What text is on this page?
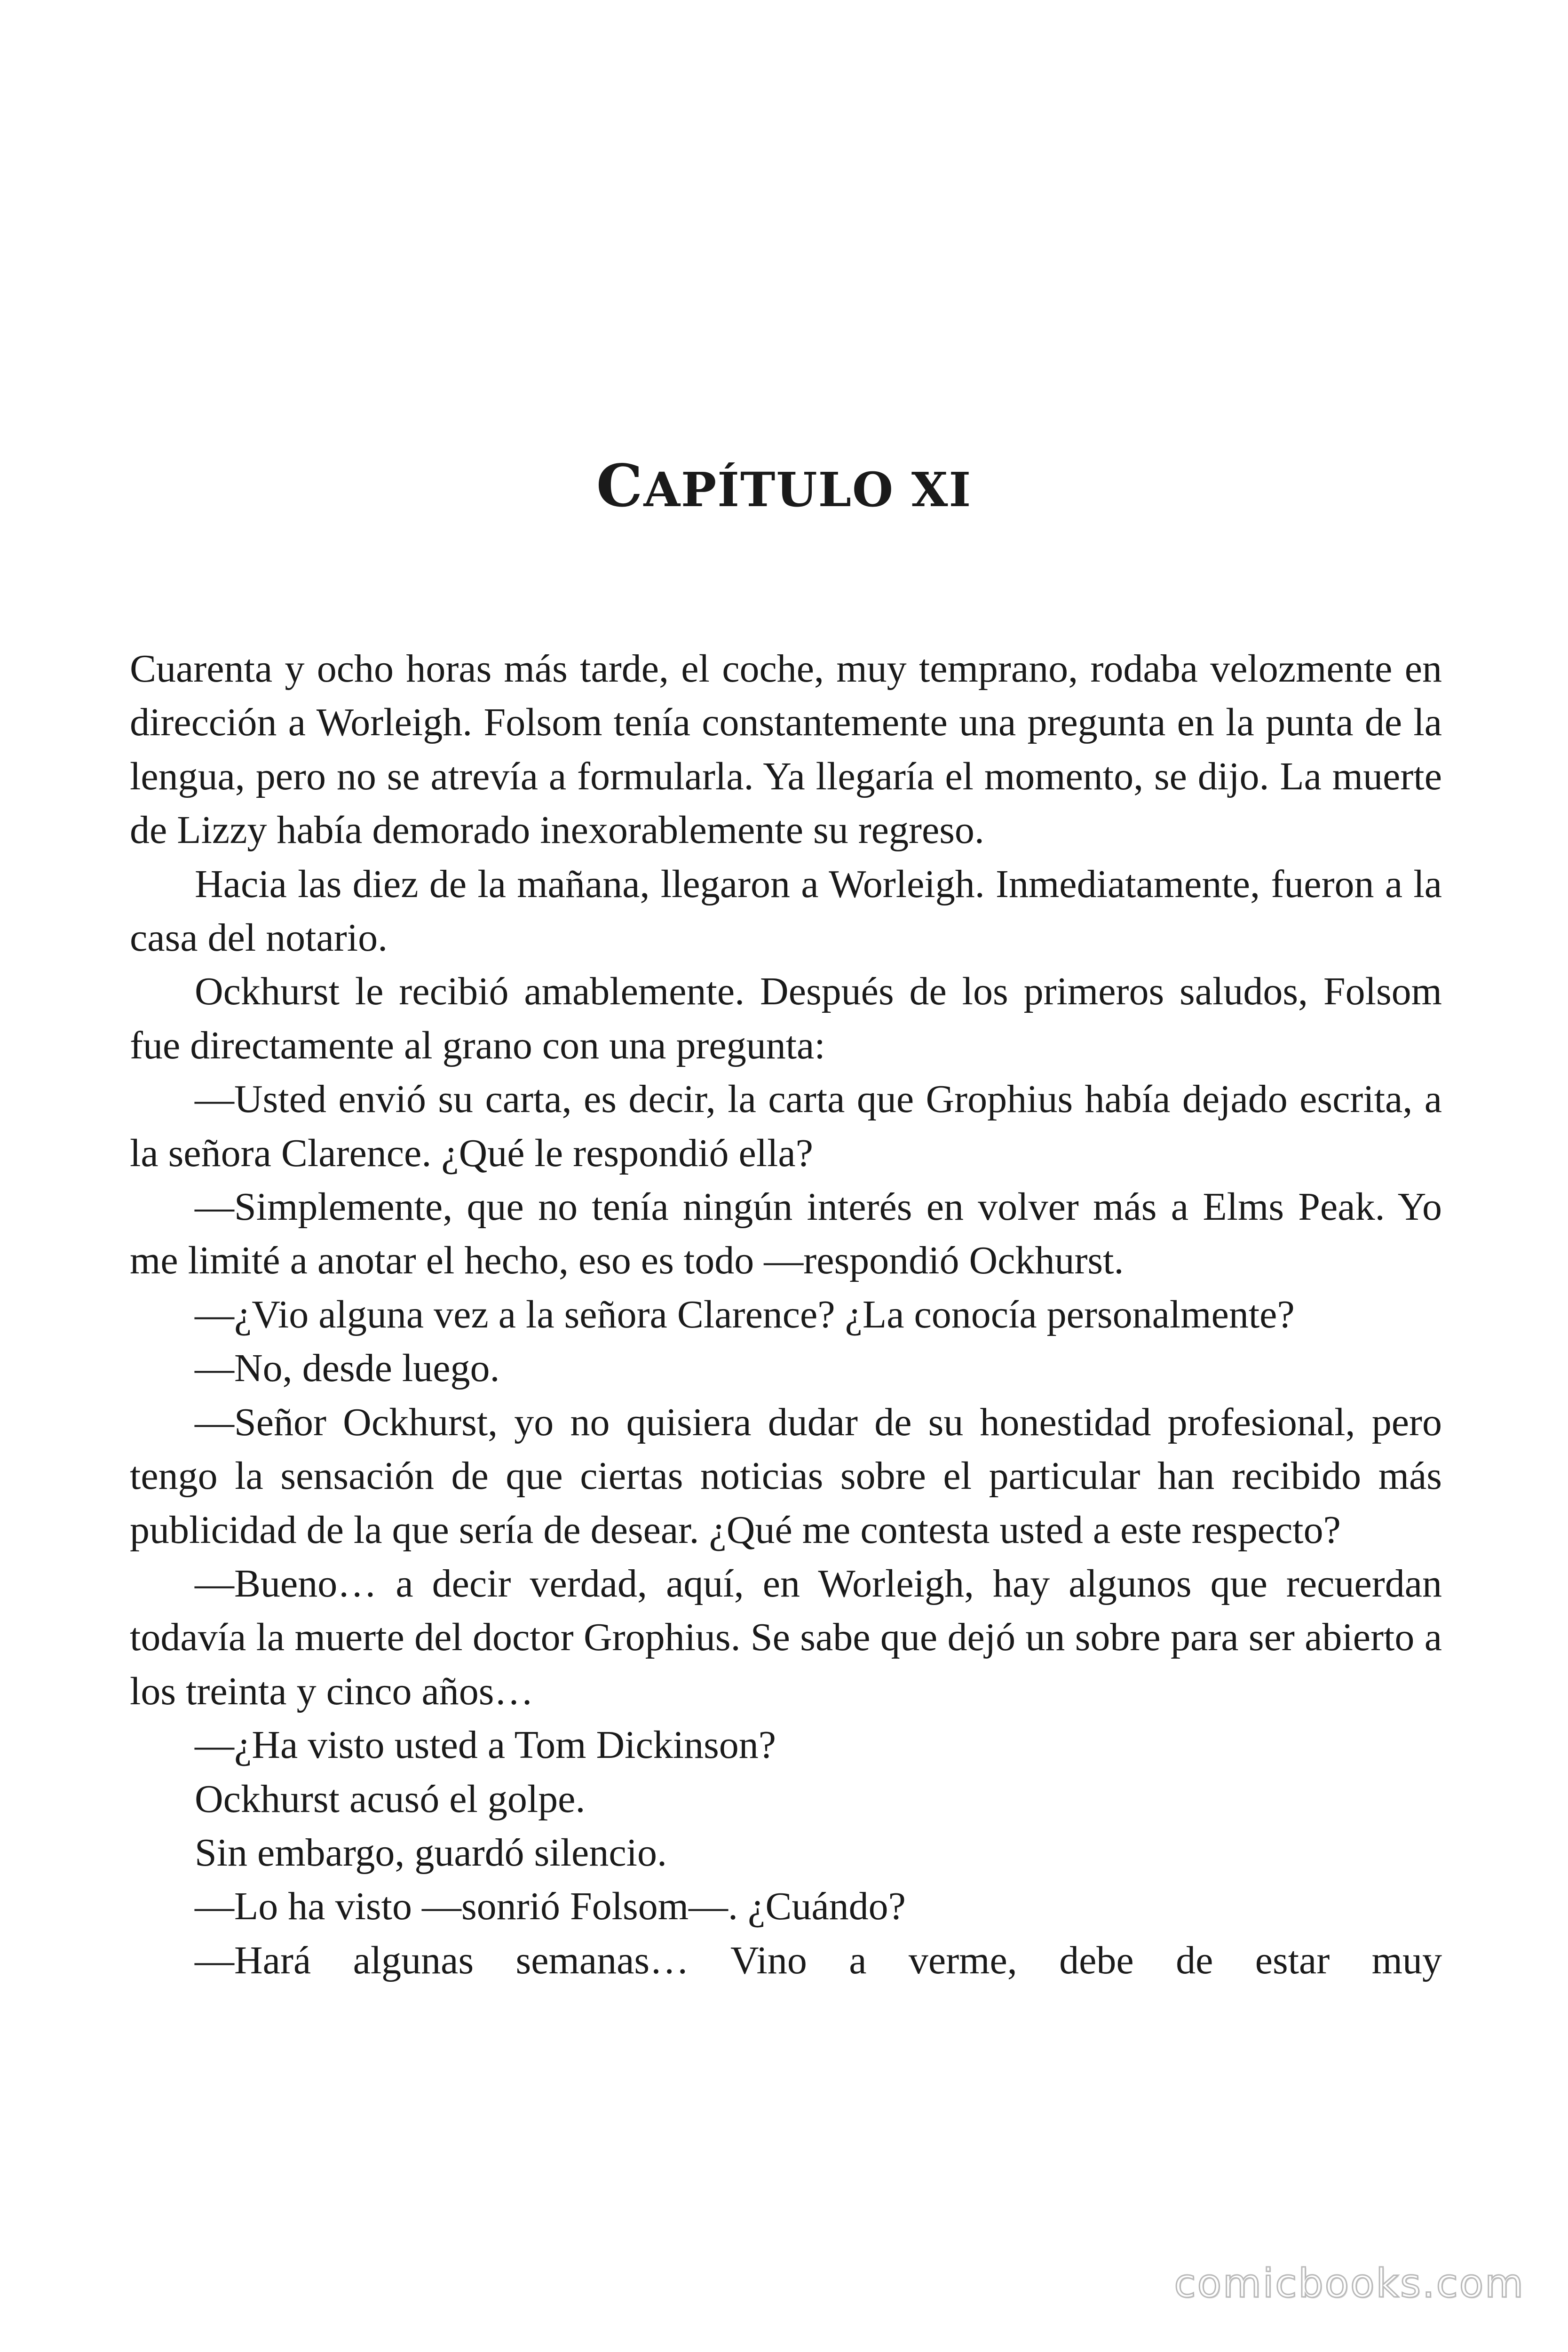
CAPÍTULO XI

Cuarenta y ocho horas más tarde, el coche, muy temprano, rodaba velozmente en dirección a Worleigh. Folsom tenía constantemente una pregunta en la punta de la lengua, pero no se atrevía a formularla. Ya llegaría el momento, se dijo. La muerte de Lizzy había demorado inexorablemente su regreso.

Hacia las diez de la mañana, llegaron a Worleigh. Inmediatamente, fueron a la casa del notario.

Ockhurst le recibió amablemente. Después de los primeros saludos, Folsom fue directamente al grano con una pregunta:

—Usted envió su carta, es decir, la carta que Grophius había dejado escrita, a la señora Clarence. ¿Qué le respondió ella?

—Simplemente, que no tenía ningún interés en volver más a Elms Peak. Yo me limité a anotar el hecho, eso es todo —respondió Ockhurst.

—¿Vio alguna vez a la señora Clarence? ¿La conocía personalmente?

—No, desde luego.

—Señor Ockhurst, yo no quisiera dudar de su honestidad profesional, pero tengo la sensación de que ciertas noticias sobre el particular han recibido más publicidad de la que sería de desear. ¿Qué me contesta usted a este respecto?

—Bueno… a decir verdad, aquí, en Worleigh, hay algunos que recuerdan todavía la muerte del doctor Grophius. Se sabe que dejó un sobre para ser abierto a los treinta y cinco años…

—¿Ha visto usted a Tom Dickinson?

Ockhurst acusó el golpe.

Sin embargo, guardó silencio.

—Lo ha visto —sonrió Folsom—. ¿Cuándo?

—Hará algunas semanas… Vino a verme, debe de estar muy

comicbooks.com
